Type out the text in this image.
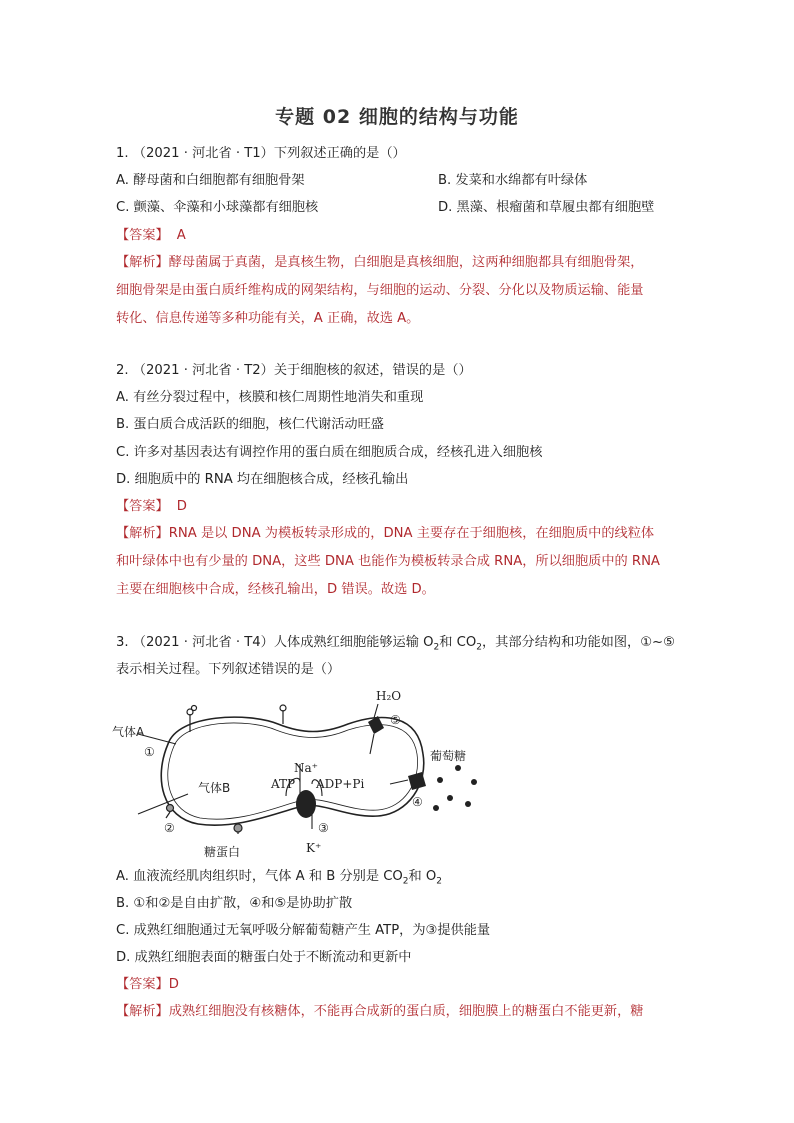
专题 02 细胞的结构与功能
1. （2021 · 河北省 · T1）下列叙述正确的是（）
A. 酵母菌和白细胞都有细胞骨架	B. 发菜和水绵都有叶绿体
C. 颤藻、伞藻和小球藻都有细胞核	D. 黑藻、根瘤菌和草履虫都有细胞壁
【答案】 A
【解析】酵母菌属于真菌，是真核生物，白细胞是真核细胞，这两种细胞都具有细胞骨架，
细胞骨架是由蛋白质纤维构成的网架结构，与细胞的运动、分裂、分化以及物质运输、能量
转化、信息传递等多种功能有关，A 正确，故选 A。
2. （2021 · 河北省 · T2）关于细胞核的叙述，错误的是（）
A. 有丝分裂过程中，核膜和核仁周期性地消失和重现
B. 蛋白质合成活跃的细胞，核仁代谢活动旺盛
C. 许多对基因表达有调控作用的蛋白质在细胞质合成，经核孔进入细胞核
D. 细胞质中的 RNA 均在细胞核合成，经核孔输出
【答案】 D
【解析】RNA 是以 DNA 为模板转录形成的，DNA 主要存在于细胞核，在细胞质中的线粒体
和叶绿体中也有少量的 DNA，这些 DNA 也能作为模板转录合成 RNA，所以细胞质中的 RNA
主要在细胞核中合成，经核孔输出，D 错误。故选 D。
3. （2021 · 河北省 · T4）人体成熟红细胞能够运输 $O_2$和 $CO_2$，其部分结构和功能如图，①~⑤
表示相关过程。下列叙述错误的是（）
H₂O
⑤
气体A
①
气体B
②
糖蛋白
Na⁺
ATP ADP+Pi
③
K⁺
葡萄糖
④
A. 血液流经肌肉组织时，气体 A 和 B 分别是 $CO_2$和 $O_2$
B. ①和②是自由扩散，④和⑤是协助扩散
C. 成熟红细胞通过无氧呼吸分解葡萄糖产生 ATP，为③提供能量
D. 成熟红细胞表面的糖蛋白处于不断流动和更新中
【答案】D
【解析】成熟红细胞没有核糖体，不能再合成新的蛋白质，细胞膜上的糖蛋白不能更新，糖
